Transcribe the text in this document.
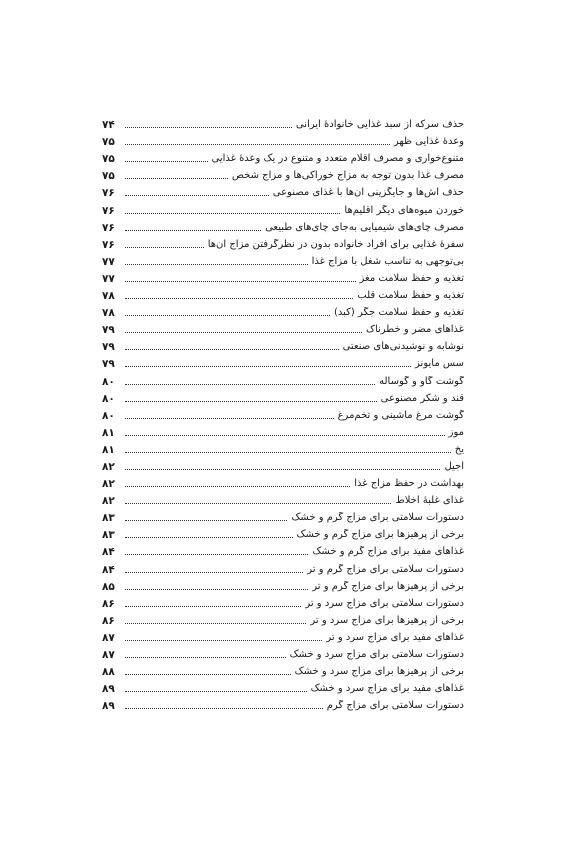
حذف سرکه از سبد غذایی خانوادهٔ ایرانی
۷۴
وعدهٔ غذایی ظهر
۷۵
متنوع‌خواری و مصرف اقلام متعدد و متنوع در یک وعدهٔ غذایی
۷۵
مصرف غذا بدون توجه به مزاج خوراکی‌ها و مزاج شخص
۷۵
حذف آش‌ها و جایگزینی آن‌ها با غذای مصنوعی
۷۶
خوردن میوه‌های دیگر اقلیم‌ها
۷۶
مصرف چای‌های شیمیایی به‌جای چای‌های طبیعی
۷۶
سفرهٔ غذایی برای افراد خانواده بدون در نظرگرفتن مزاج آن‌ها
۷۶
بی‌توجهی به تناسب شغل با مزاج غذا
۷۷
تغذیه و حفظ سلامت مغز
۷۷
تغذیه و حفظ سلامت قلب
۷۸
تغذیه و حفظ سلامت جگر (کبد)
۷۸
غذاهای مضر و خطرناک
۷۹
نوشابه و نوشیدنی‌های صنعتی
۷۹
سس مایونز
۷۹
گوشت گاو و گوساله
۸۰
قند و شکر مصنوعی
۸۰
گوشت مرغ ماشینی و تخم‌مرغ
۸۰
موز
۸۱
یخ
۸۱
آجیل
۸۲
بهداشت در حفظ مزاج غذا
۸۲
غذای غلبهٔ اخلاط
۸۲
دستورات سلامتی برای مزاج گرم و خشک
۸۳
برخی از پرهیزها برای مزاج گرم و خشک
۸۳
غذاهای مفید برای مزاج گرم و خشک
۸۴
دستورات سلامتی برای مزاج گرم و تر
۸۴
برخی از پرهیزها برای مزاج گرم و تر
۸۵
دستورات سلامتی برای مزاج سرد و تر
۸۶
برخی از پرهیزها برای مزاج سرد و تر
۸۶
غذاهای مفید برای مزاج سرد و تر
۸۷
دستورات سلامتی برای مزاج سرد و خشک
۸۷
برخی از پرهیزها برای مزاج سرد و خشک
۸۸
غذاهای مفید برای مزاج سرد و خشک
۸۹
دستورات سلامتی برای مزاج گرم
۸۹
